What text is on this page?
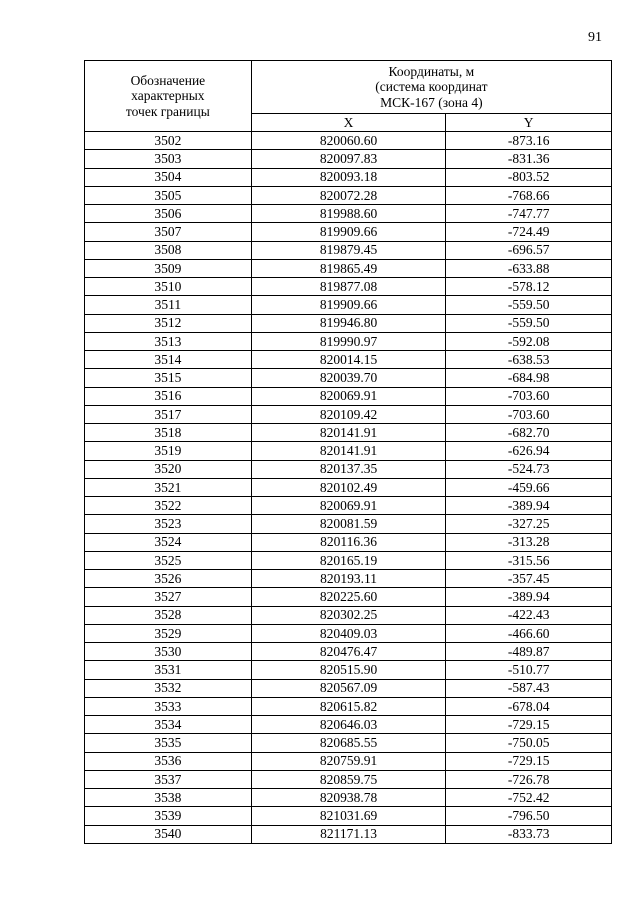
91
Обозначение
характерных
точек границы	Координаты, м
(система координат
МСК-167 (зона 4)	
	X	Y
3502	820060.60	-873.16
3503	820097.83	-831.36
3504	820093.18	-803.52
3505	820072.28	-768.66
3506	819988.60	-747.77
3507	819909.66	-724.49
3508	819879.45	-696.57
3509	819865.49	-633.88
3510	819877.08	-578.12
3511	819909.66	-559.50
3512	819946.80	-559.50
3513	819990.97	-592.08
3514	820014.15	-638.53
3515	820039.70	-684.98
3516	820069.91	-703.60
3517	820109.42	-703.60
3518	820141.91	-682.70
3519	820141.91	-626.94
3520	820137.35	-524.73
3521	820102.49	-459.66
3522	820069.91	-389.94
3523	820081.59	-327.25
3524	820116.36	-313.28
3525	820165.19	-315.56
3526	820193.11	-357.45
3527	820225.60	-389.94
3528	820302.25	-422.43
3529	820409.03	-466.60
3530	820476.47	-489.87
3531	820515.90	-510.77
3532	820567.09	-587.43
3533	820615.82	-678.04
3534	820646.03	-729.15
3535	820685.55	-750.05
3536	820759.91	-729.15
3537	820859.75	-726.78
3538	820938.78	-752.42
3539	821031.69	-796.50
3540	821171.13	-833.73
